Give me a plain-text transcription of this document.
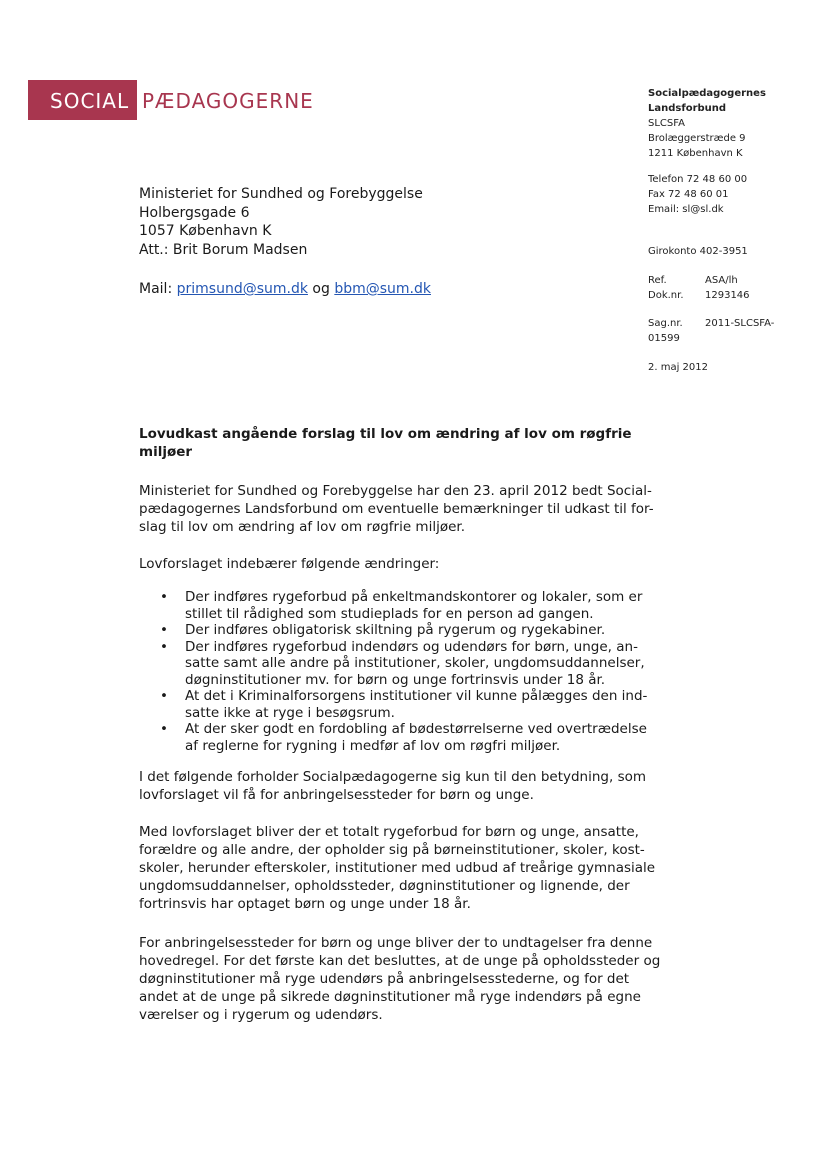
SOCIAL PÆDAGOGERNE	Socialpædagogernes
Landsforbund
SLCSFA
Brolæggerstræde 9
1211 København K
Telefon 72 48 60 00
Fax 72 48 60 01
Email: sl@sl.dk
Girokonto 402-3951
Ref.	ASA/lh
Dok.nr.	1293146
Sag.nr.	2011-SLCSFA-
01599
2. maj 2012
Ministeriet for Sundhed og Forebyggelse
Holbergsgade 6
1057 København K
Att.: Brit Borum Madsen
Mail: primsund@sum.dk og bbm@sum.dk
Lovudkast angående forslag til lov om ændring af lov om røgfrie miljøer
Ministeriet for Sundhed og Forebyggelse har den 23. april 2012 bedt Social-
pædagogernes Landsforbund om eventuelle bemærkninger til udkast til for-
slag til lov om ændring af lov om røgfrie miljøer.
Lovforslaget indebærer følgende ændringer:
•	Der indføres rygeforbud på enkeltmandskontorer og lokaler, som er
stillet til rådighed som studieplads for en person ad gangen.
•	Der indføres obligatorisk skiltning på rygerum og rygekabiner.
•	Der indføres rygeforbud indendørs og udendørs for børn, unge, an-
satte samt alle andre på institutioner, skoler, ungdomsuddannelser,
døgninstitutioner mv. for børn og unge fortrinsvis under 18 år.
•	At det i Kriminalforsorgens institutioner vil kunne pålægges den ind-
satte ikke at ryge i besøgsrum.
•	At der sker godt en fordobling af bødestørrelserne ved overtrædelse
af reglerne for rygning i medfør af lov om røgfri miljøer.
I det følgende forholder Socialpædagogerne sig kun til den betydning, som
lovforslaget vil få for anbringelsessteder for børn og unge.
Med lovforslaget bliver der et totalt rygeforbud for børn og unge, ansatte,
forældre og alle andre, der opholder sig på børneinstitutioner, skoler, kost-
skoler, herunder efterskoler, institutioner med udbud af treårige gymnasiale
ungdomsuddannelser, opholdssteder, døgninstitutioner og lignende, der
fortrinsvis har optaget børn og unge under 18 år.
For anbringelsessteder for børn og unge bliver der to undtagelser fra denne
hovedregel. For det første kan det besluttes, at de unge på opholdssteder og
døgninstitutioner må ryge udendørs på anbringelsesstederne, og for det
andet at de unge på sikrede døgninstitutioner må ryge indendørs på egne
værelser og i rygerum og udendørs.
